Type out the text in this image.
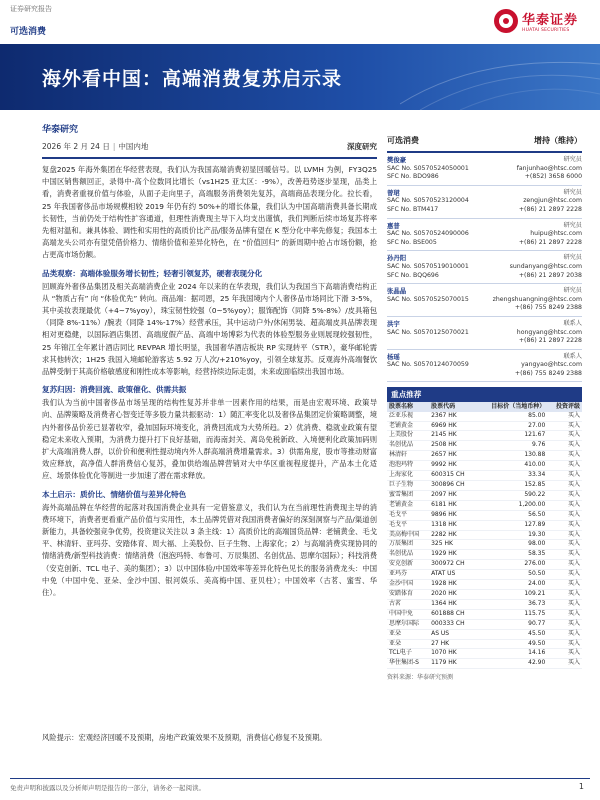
证券研究报告
可选消费
华泰证券
HUATAI SECURITIES
海外看中国：高端消费复苏启示录
华泰研究
2026 年 2 月 24 日 | 中国内地	深度研究

复盘2025 年海外集团在华经营表现，我们认为我国高端消费初显回暖信号。以 LVMH 为例，FY3Q25 中国区销售额回正，录得中-高个位数同比增长（vs1H25 亚太区：-9%），改善趋势逐步显现，品类上看，消费者重视价值与体验，从面子走向里子，高端服务消费领先复苏，高端商品表现分化。拉长看，25 年我国奢侈品市场规模相较 2019 年仍有约 50%+的增长体量，我们认为中国高端消费具备长期成长韧性，当前仍处于结构性扩容通道，但理性消费现主导下入均支出谨慎，我们判断后续市场复苏将率先相对温和。兼具体验、调性和实用性的高质价比产品/服务品牌有望在 K 型分化中率先修复；我国本土高端龙头公司亦有望凭借价格力、情绪价值和差异化特色，在 “价值回归” 的新周期中抢占市场份额，抢占更高市场份额。

品类观察：高端体验服务增长韧性；轻奢引领复苏，硬奢表现分化

回顾海外奢侈品集团及相关高端消费企业 2024 年以来的在华表现，我们认为我国当下高端消费结构正从 “物质占有” 向 “体验优先” 转向。商品端：据司恩，25 年我国境内个人奢侈品市场同比下滑 3-5%，其中美妆表现最优（+4~7%yoy），珠宝韧性较强（0~5%yoy）；服饰配饰（同降 5%-8%）/皮具箱包（同降 8%-11%）/腕表（同降 14%-17%）经营承压，其中运动户外/休闲男装、超高端皮具品牌表现相对更稳健，以国际酒店集团、高端度假产品、高端中场博彩为代表的体验型服务业则展现较强韧性，25 年锦江全年累计酒店同比 REVPAR 增长明显，我国奢华酒店板块 RP 实现转平（STR），豪华邮轮需求其他转次；1H25 我国入境邮轮游客达 5.92 万人次/+210%yoy，引领全球复苏。反观海外高端餐饮品牌受制于其高价格敏感度和刚性成本等影响，经营持续边际走弱，未来或面临续出我国市场。

复苏归因：消费回流、政策催化、供需共振

我们认为当前中国奢侈品市场呈现的结构性复苏并非单一因素作用的结果，而是由宏观环境、政策导向、品牌策略及消费者心智变迁等多股力量共振驱动：1）随汇率变化以及奢侈品集团定价策略调整，境内外奢侈品价差已显著收窄，叠加国际环境变化，消费回流成为大势所趋。2）优消费、稳就业政策有望稳定未来收入预期，为消费力提升打下良好基础，而海南封关、离岛免税新政、入境便利化政策加码则扩大高端消费人群，以价价和便利性提动境内外人群高端消费增量需求。3）供需角度，股市等推动财富效应释放，高净值人群消费信心复苏，叠加供给端品牌营销对大中华区重视程度提升，产品本土化适应、场景体验优化等制进一步加速了潜在需求释放。

本土启示：质价比、情绪价值与差异化特色

海外高端品牌在华经营的起落对我国消费企业具有一定借鉴意义，我们认为在当前理性消费现主导的消费环境下，消费者更看重产品价值与实用性，本土品牌凭借对我国消费者偏好的深刻洞察与产品/渠道创新能力，具备较强竞争优势，投资建议关注以 3 条主线：1）高质价比的高端国货品牌：老铺黄金、毛戈平、林清轩、亚玛芬、安踏体育、周大福、上美股份、巨子生物、上海家化；2）与高端消费实现协同的情绪消费/新型科技消费：情绪消费（泡泡玛特、布鲁可、万辰集团、名创优品、思摩尔国际）；科技消费（安克创新、TCL 电子、美的集团）；3）以中国体验/中国效率等差异化特色见长的服务消费龙头：中国中免（中国中免、亚朵、金沙中国、银河娱乐、美高梅中国、亚贝柱）；中国效率（古茗、蜜雪、华住）。

风险提示：宏观经济回暖不及预期，房地产政策效果不及预期，消费信心修复不及预期。
可选消费	增持（维持）
樊俊豪	研究员
SAC No. S0570524050001	fanjunhao@htsc.com
SFC No. BDO986	+(852) 3658 6000
曾珺	研究员
SAC No. S0570523120004	zengjun@htsc.com
SFC No. BTM417	+(86) 21 2897 2228
惠普	研究员
SAC No. S0570524090006	huipu@htsc.com
SFC No. BSE005	+(86) 21 2897 2228
孙丹阳	研究员
SAC No. S0570519010001	sundanyang@htsc.com
SFC No. BQQ696	+(86) 21 2897 2038
张晶晶	研究员
SAC No. S0570525070015	zhengshuangning@htsc.com
+(86) 755 8249 2388
洪宇	联系人
SAC No. S0570125070021	hongyang@htsc.com
+(86) 21 2897 2228
杨瑶	联系人
SAC No. S0570124070059	yangyao@htsc.com
+(86) 755 8249 2388
重点推荐
股票名称	股票代码	目标价（当地币种）	投资评级
泛亚乐视	2367 HK	85.00	买入
老铺黄金	6969 HK	27.00	买入
上美股份	2145 HK	121.67	买入
名创优品	2508 HK	9.76	买入
林清轩	2657 HK	130.88	买入
泡泡玛特	9992 HK	410.00	买入
上海家化	600315 CH	33.34	买入
巨子生物	300896 CH	152.85	买入
蜜雪集团	2097 HK	590.22	买入
老铺黄金	6181 HK	1,200.00	买入
毛戈平	9896 HK	56.50	买入
毛戈平	1318 HK	127.89	买入
美高梅中国	2282 HK	19.30	买入
万辰集团	325 HK	98.00	买入
名创优品	1929 HK	58.35	买入
安克创新	300972 CH	276.00	买入
亚玛芬	ATAT US	50.50	买入
金沙中国	1928 HK	24.00	买入
安踏体育	2020 HK	109.21	买入
古茗	1364 HK	36.73	买入
中国中免	601888 CH	115.75	买入
思摩尔国际	000333 CH	90.77	买入
亚朵	AS US	45.50	买入
亚朵	27 HK	49.50	买入
TCL电子	1070 HK	14.16	买入
华住集团-S	1179 HK	42.90	买入
资料来源：华泰研究预测
免责声明和披露以及分析师声明是报告的一部分，请务必一起阅读。	1
